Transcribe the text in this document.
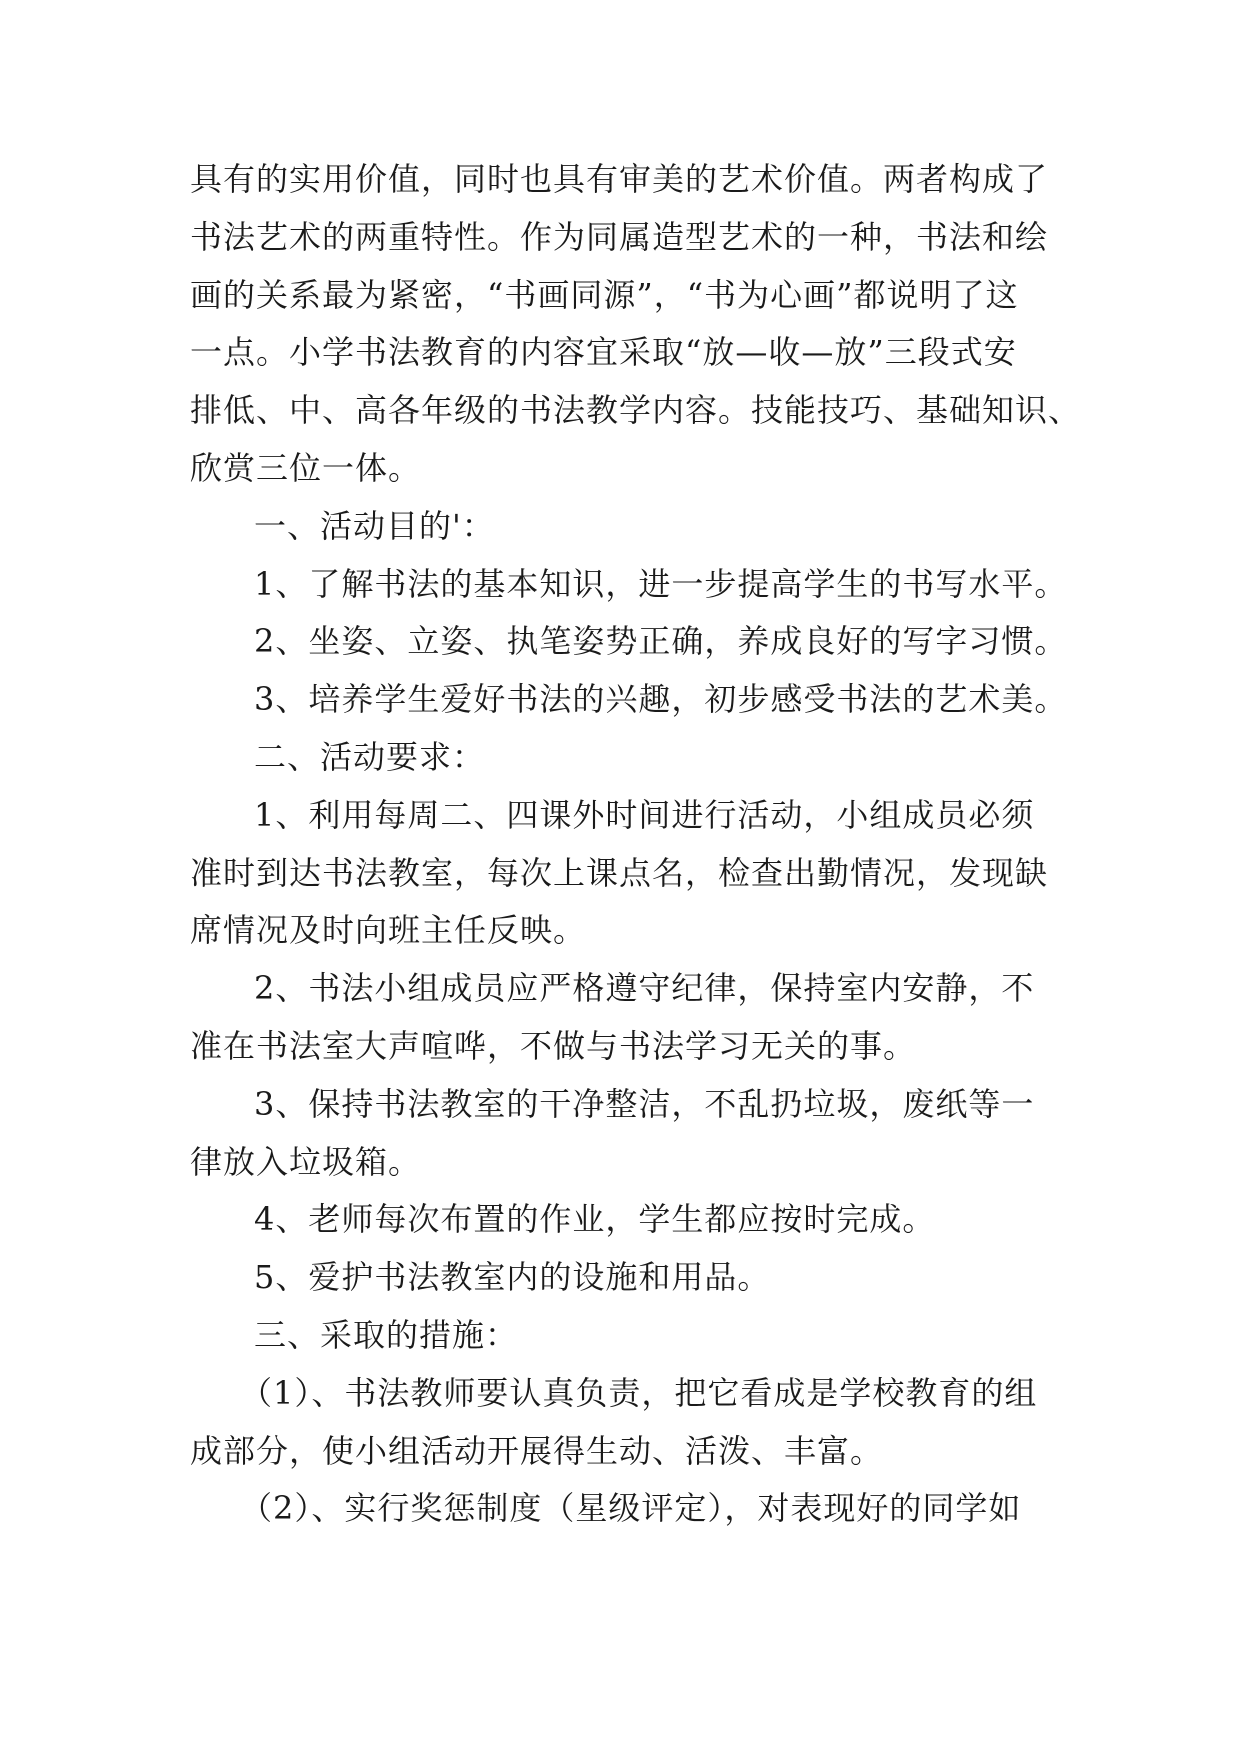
具有的实用价值，同时也具有审美的艺术价值。两者构成了
书法艺术的两重特性。作为同属造型艺术的一种，书法和绘
画的关系最为紧密，“书画同源”，“书为心画”都说明了这
一点。小学书法教育的内容宜采取“放—收—放”三段式安
排低、中、高各年级的书法教学内容。技能技巧、基础知识、
欣赏三位一体。
一、活动目的'：
1、了解书法的基本知识，进一步提高学生的书写水平。
2、坐姿、立姿、执笔姿势正确，养成良好的写字习惯。
3、培养学生爱好书法的兴趣，初步感受书法的艺术美。
二、活动要求：
1、利用每周二、四课外时间进行活动，小组成员必须
准时到达书法教室，每次上课点名，检查出勤情况，发现缺
席情况及时向班主任反映。
2、书法小组成员应严格遵守纪律，保持室内安静，不
准在书法室大声喧哗，不做与书法学习无关的事。
3、保持书法教室的干净整洁，不乱扔垃圾，废纸等一
律放入垃圾箱。
4、老师每次布置的作业，学生都应按时完成。
5、爱护书法教室内的设施和用品。
三、采取的措施：
（1）、书法教师要认真负责，把它看成是学校教育的组
成部分，使小组活动开展得生动、活泼、丰富。
（2）、实行奖惩制度（星级评定），对表现好的同学如
